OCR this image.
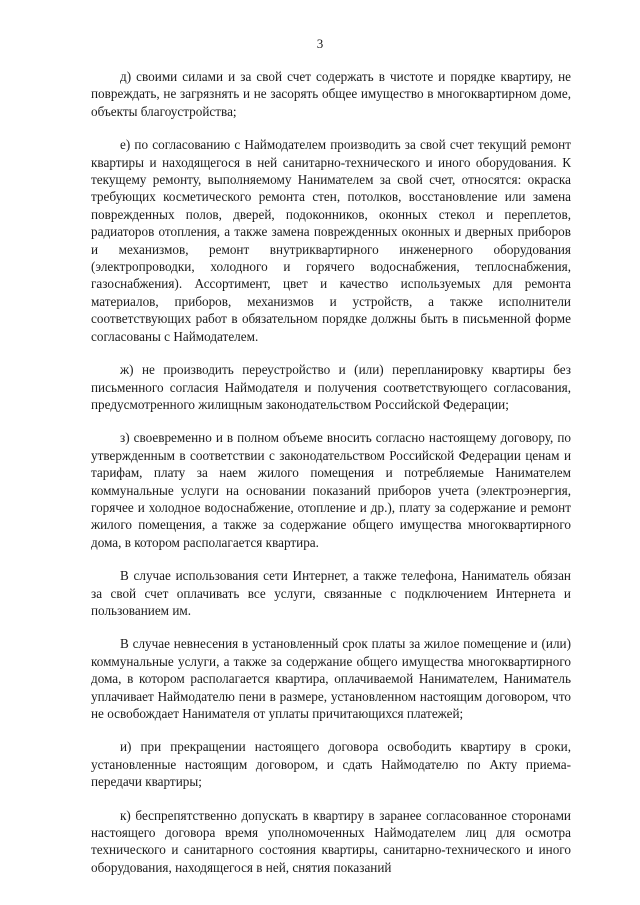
3

д) своими силами и за свой счет содержать в чистоте и порядке квартиру, не повреждать, не загрязнять и не засорять общее имущество в многоквартирном доме, объекты благоустройства;

е) по согласованию с Наймодателем производить за свой счет текущий ремонт квартиры и находящегося в ней санитарно-технического и иного оборудования. К текущему ремонту, выполняемому Нанимателем за свой счет, относятся: окраска требующих косметического ремонта стен, потолков, восстановление или замена поврежденных полов, дверей, подоконников, оконных стекол и переплетов, радиаторов отопления, а также замена поврежденных оконных и дверных приборов и механизмов, ремонт внутриквартирного инженерного оборудования (электропроводки, холодного и горячего водоснабжения, теплоснабжения, газоснабжения). Ассортимент, цвет и качество используемых для ремонта материалов, приборов, механизмов и устройств, а также исполнители соответствующих работ в обязательном порядке должны быть в письменной форме согласованы с Наймодателем.

ж) не производить переустройство и (или) перепланировку квартиры без письменного согласия Наймодателя и получения соответствующего согласования, предусмотренного жилищным законодательством Российской Федерации;

з) своевременно и в полном объеме вносить согласно настоящему договору, по утвержденным в соответствии с законодательством Российской Федерации ценам и тарифам, плату за наем жилого помещения и потребляемые Нанимателем коммунальные услуги на основании показаний приборов учета (электроэнергия, горячее и холодное водоснабжение, отопление и др.), плату за содержание и ремонт жилого помещения, а также за содержание общего имущества многоквартирного дома, в котором располагается квартира.

В случае использования сети Интернет, а также телефона, Наниматель обязан за свой счет оплачивать все услуги, связанные с подключением Интернета и пользованием им.

В случае невнесения в установленный срок платы за жилое помещение и (или) коммунальные услуги, а также за содержание общего имущества многоквартирного дома, в котором располагается квартира, оплачиваемой Нанимателем, Наниматель уплачивает Наймодателю пени в размере, установленном настоящим договором, что не освобождает Нанимателя от уплаты причитающихся платежей;

и) при прекращении настоящего договора освободить квартиру в сроки, установленные настоящим договором, и сдать Наймодателю по Акту приема-передачи квартиры;

к) беспрепятственно допускать в квартиру в заранее согласованное сторонами настоящего договора время уполномоченных Наймодателем лиц для осмотра технического и санитарного состояния квартиры, санитарно-технического и иного оборудования, находящегося в ней, снятия показаний
